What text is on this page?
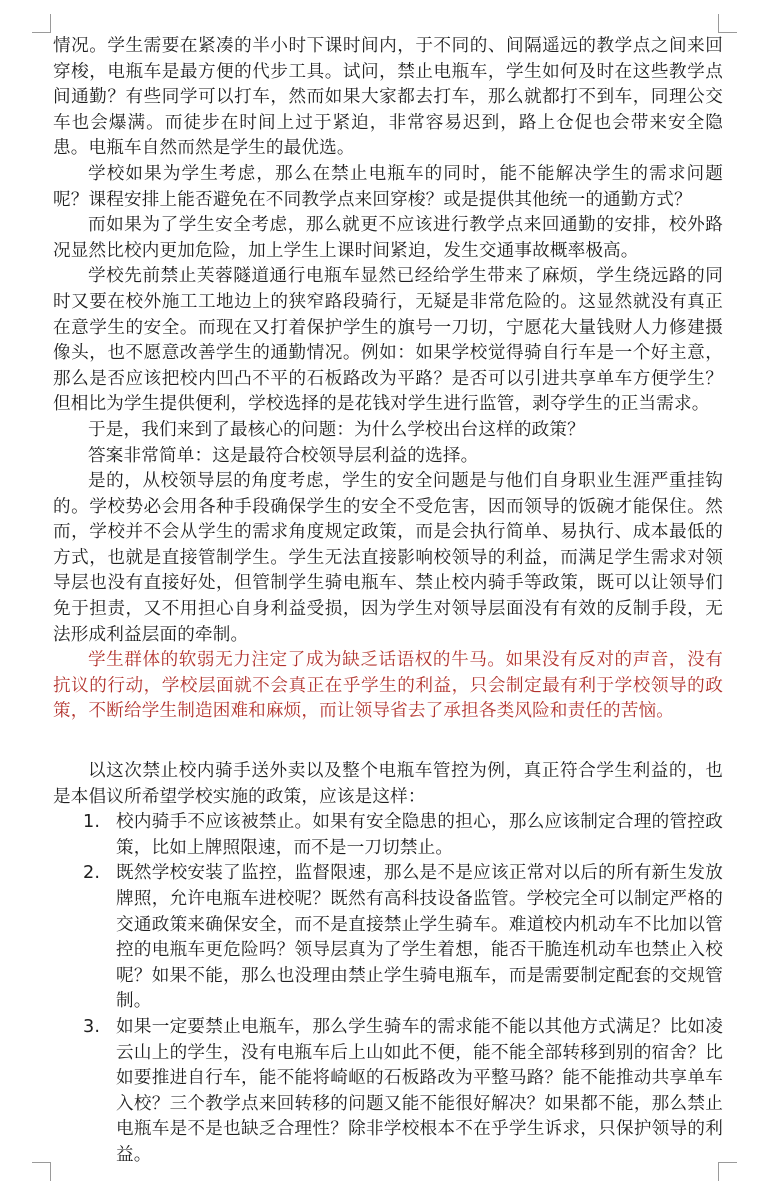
情况。学生需要在紧凑的半小时下课时间内，于不同的、间隔遥远的教学点之间来回穿梭，电瓶车是最方便的代步工具。试问，禁止电瓶车，学生如何及时在这些教学点间通勤？有些同学可以打车，然而如果大家都去打车，那么就都打不到车，同理公交车也会爆满。而徒步在时间上过于紧迫，非常容易迟到，路上仓促也会带来安全隐患。电瓶车自然而然是学生的最优选。

学校如果为学生考虑，那么在禁止电瓶车的同时，能不能解决学生的需求问题呢？课程安排上能否避免在不同教学点来回穿梭？或是提供其他统一的通勤方式？

而如果为了学生安全考虑，那么就更不应该进行教学点来回通勤的安排，校外路况显然比校内更加危险，加上学生上课时间紧迫，发生交通事故概率极高。

学校先前禁止芙蓉隧道通行电瓶车显然已经给学生带来了麻烦，学生绕远路的同时又要在校外施工工地边上的狭窄路段骑行，无疑是非常危险的。这显然就没有真正在意学生的安全。而现在又打着保护学生的旗号一刀切，宁愿花大量钱财人力修建摄像头，也不愿意改善学生的通勤情况。例如：如果学校觉得骑自行车是一个好主意，那么是否应该把校内凹凸不平的石板路改为平路？是否可以引进共享单车方便学生？但相比为学生提供便利，学校选择的是花钱对学生进行监管，剥夺学生的正当需求。

于是，我们来到了最核心的问题：为什么学校出台这样的政策？

答案非常简单：这是最符合校领导层利益的选择。

是的，从校领导层的角度考虑，学生的安全问题是与他们自身职业生涯严重挂钩的。学校势必会用各种手段确保学生的安全不受危害，因而领导的饭碗才能保住。然而，学校并不会从学生的需求角度规定政策，而是会执行简单、易执行、成本最低的方式，也就是直接管制学生。学生无法直接影响校领导的利益，而满足学生需求对领导层也没有直接好处，但管制学生骑电瓶车、禁止校内骑手等政策，既可以让领导们免于担责，又不用担心自身利益受损，因为学生对领导层面没有有效的反制手段，无法形成利益层面的牵制。

学生群体的软弱无力注定了成为缺乏话语权的牛马。如果没有反对的声音，没有抗议的行动，学校层面就不会真正在乎学生的利益，只会制定最有利于学校领导的政策，不断给学生制造困难和麻烦，而让领导省去了承担各类风险和责任的苦恼。

以这次禁止校内骑手送外卖以及整个电瓶车管控为例，真正符合学生利益的，也是本倡议所希望学校实施的政策，应该是这样：

1. 校内骑手不应该被禁止。如果有安全隐患的担心，那么应该制定合理的管控政策，比如上牌照限速，而不是一刀切禁止。
2. 既然学校安装了监控，监督限速，那么是不是应该正常对以后的所有新生发放牌照，允许电瓶车进校呢？既然有高科技设备监管。学校完全可以制定严格的交通政策来确保安全，而不是直接禁止学生骑车。难道校内机动车不比加以管控的电瓶车更危险吗？领导层真为了学生着想，能否干脆连机动车也禁止入校呢？如果不能，那么也没理由禁止学生骑电瓶车，而是需要制定配套的交规管制。
3. 如果一定要禁止电瓶车，那么学生骑车的需求能不能以其他方式满足？比如凌云山上的学生，没有电瓶车后上山如此不便，能不能全部转移到别的宿舍？比如要推进自行车，能不能将崎岖的石板路改为平整马路？能不能推动共享单车入校？三个教学点来回转移的问题又能不能很好解决？如果都不能，那么禁止电瓶车是不是也缺乏合理性？除非学校根本不在乎学生诉求，只保护领导的利益。
